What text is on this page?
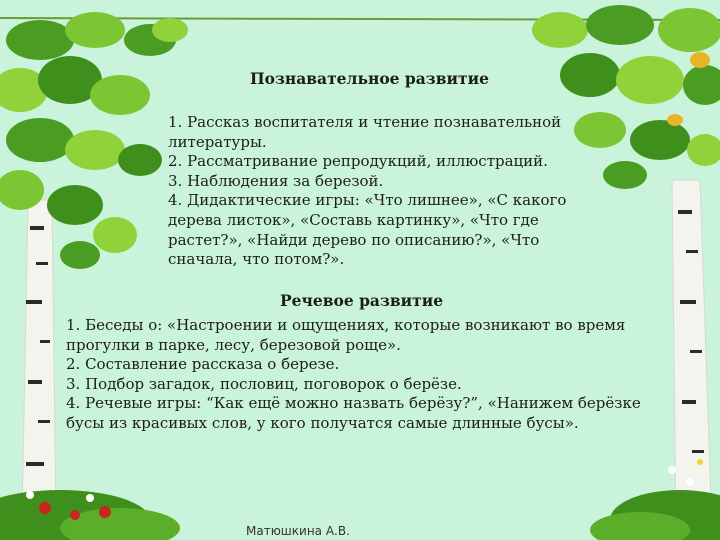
Познавательное развитие

1. Рассказ воспитателя и чтение познавательной литературы.

2. Рассматривание репродукций, иллюстраций.

3. Наблюдения за березой.

4. Дидактические игры: «Что лишнее», «С какого дерева листок», «Составь картинку», «Что где растет?», «Найди дерево по описанию?», «Что сначала, что потом?».

Речевое развитие

1. Беседы о: «Настроении и ощущениях, которые возникают во время прогулки в парке, лесу, березовой роще».

2. Составление рассказа о березе.

3. Подбор загадок, пословиц, поговорок о берёзе.

4. Речевые игры: “Как ещё можно назвать берёзу?”, «Нанижем берёзке бусы из красивых слов, у кого получатся самые длинные бусы».

Матюшкина А.В.
